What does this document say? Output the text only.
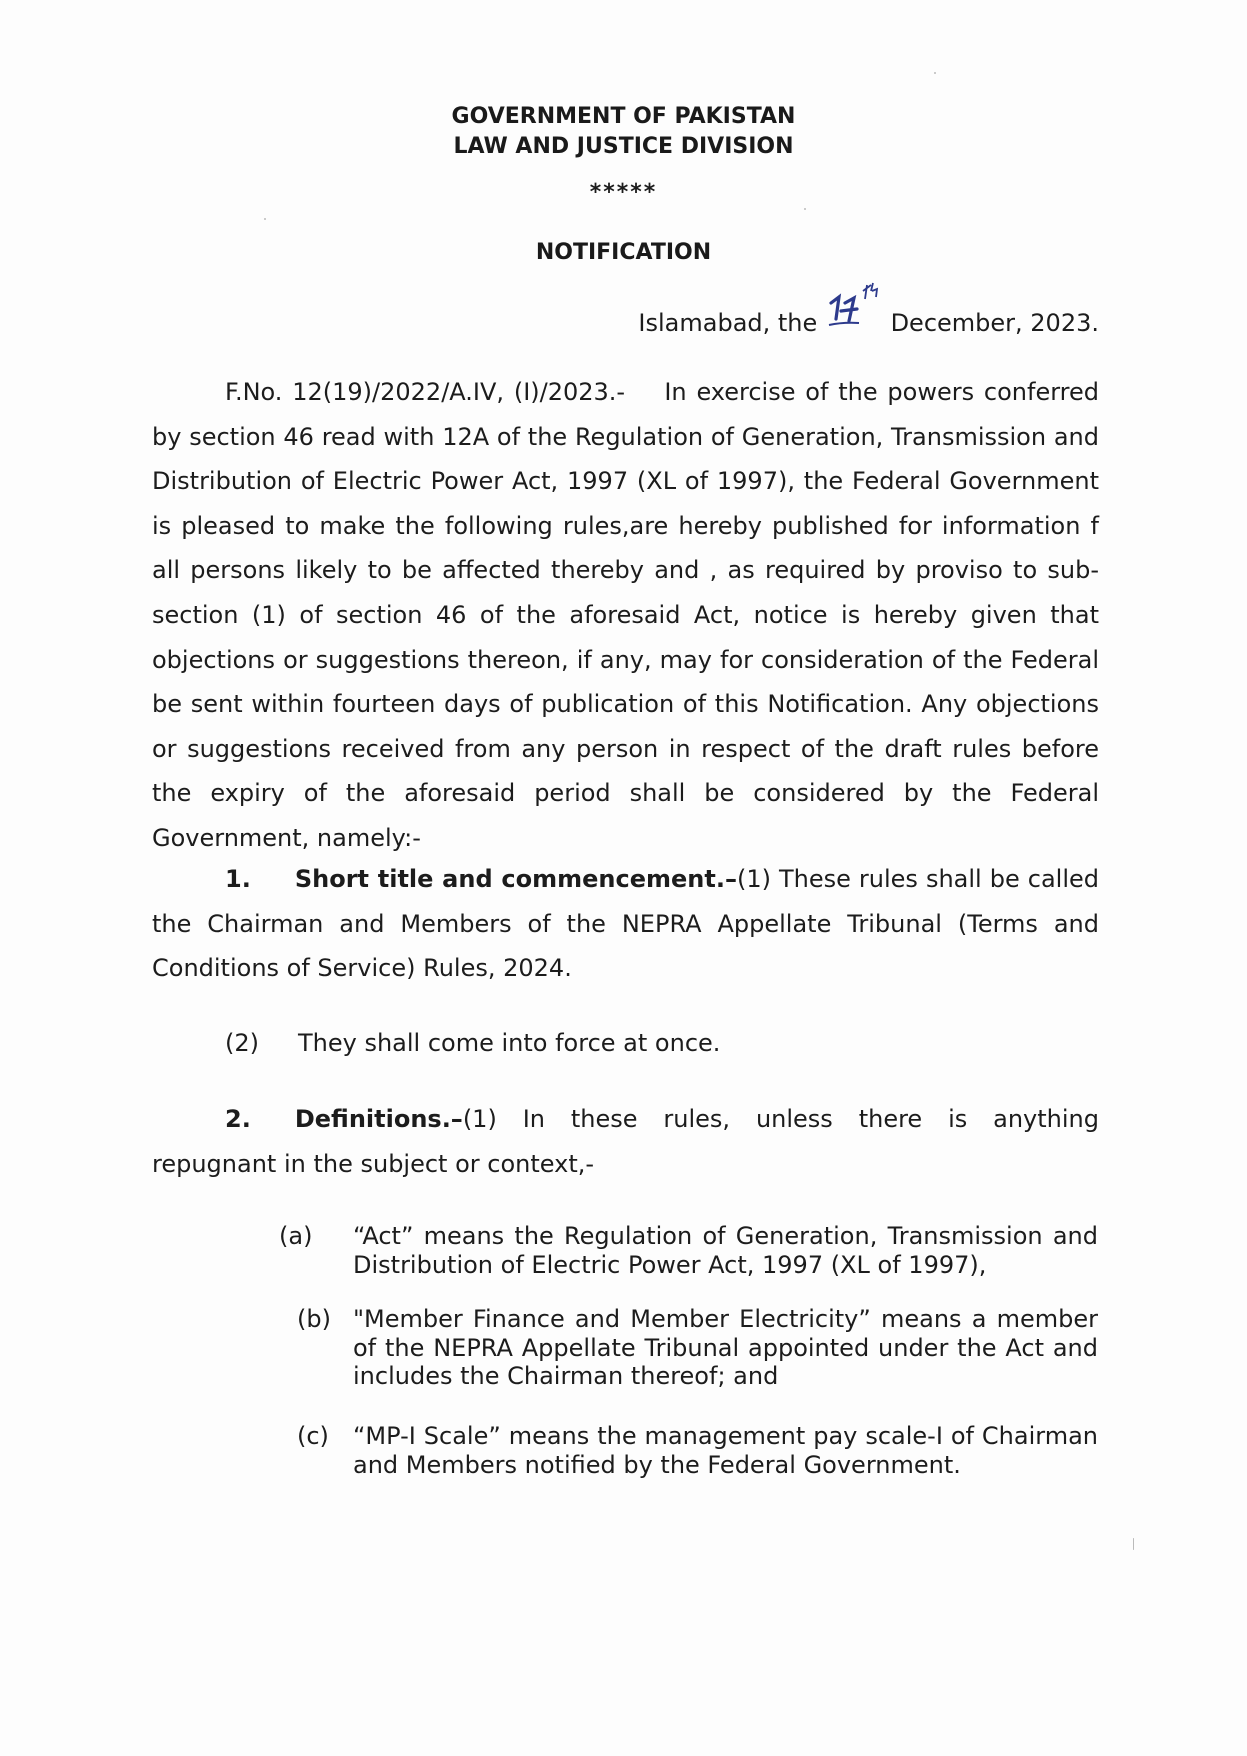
GOVERNMENT OF PAKISTAN
LAW AND JUSTICE DIVISION
*****
NOTIFICATION
Islamabad, the	December, 2023.

F.No. 12(19)/2022/A.IV, (I)/2023.- In exercise of the powers conferred by section 46 read with 12A of the Regulation of Generation, Transmission and Distribution of Electric Power Act, 1997 (XL of 1997), the Federal Government is pleased to make the following rules,are hereby published for information f all persons likely to be affected thereby and , as required by proviso to sub-section (1) of section 46 of the aforesaid Act, notice is hereby given that objections or suggestions thereon, if any, may for consideration of the Federal be sent within fourteen days of publication of this Notification. Any objections or suggestions received from any person in respect of the draft rules before the expiry of the aforesaid period shall be considered by the Federal Government, namely:-

1. Short title and commencement.–(1) These rules shall be called the Chairman and Members of the NEPRA Appellate Tribunal (Terms and Conditions of Service) Rules, 2024.

(2) They shall come into force at once.

2. Definitions.–(1) In these rules, unless there is anything repugnant in the subject or context,-

(a) “Act” means the Regulation of Generation, Transmission and Distribution of Electric Power Act, 1997 (XL of 1997),
(b) "Member Finance and Member Electricity” means a member of the NEPRA Appellate Tribunal appointed under the Act and includes the Chairman thereof; and
(c) “MP-I Scale” means the management pay scale-I of Chairman and Members notified by the Federal Government.
